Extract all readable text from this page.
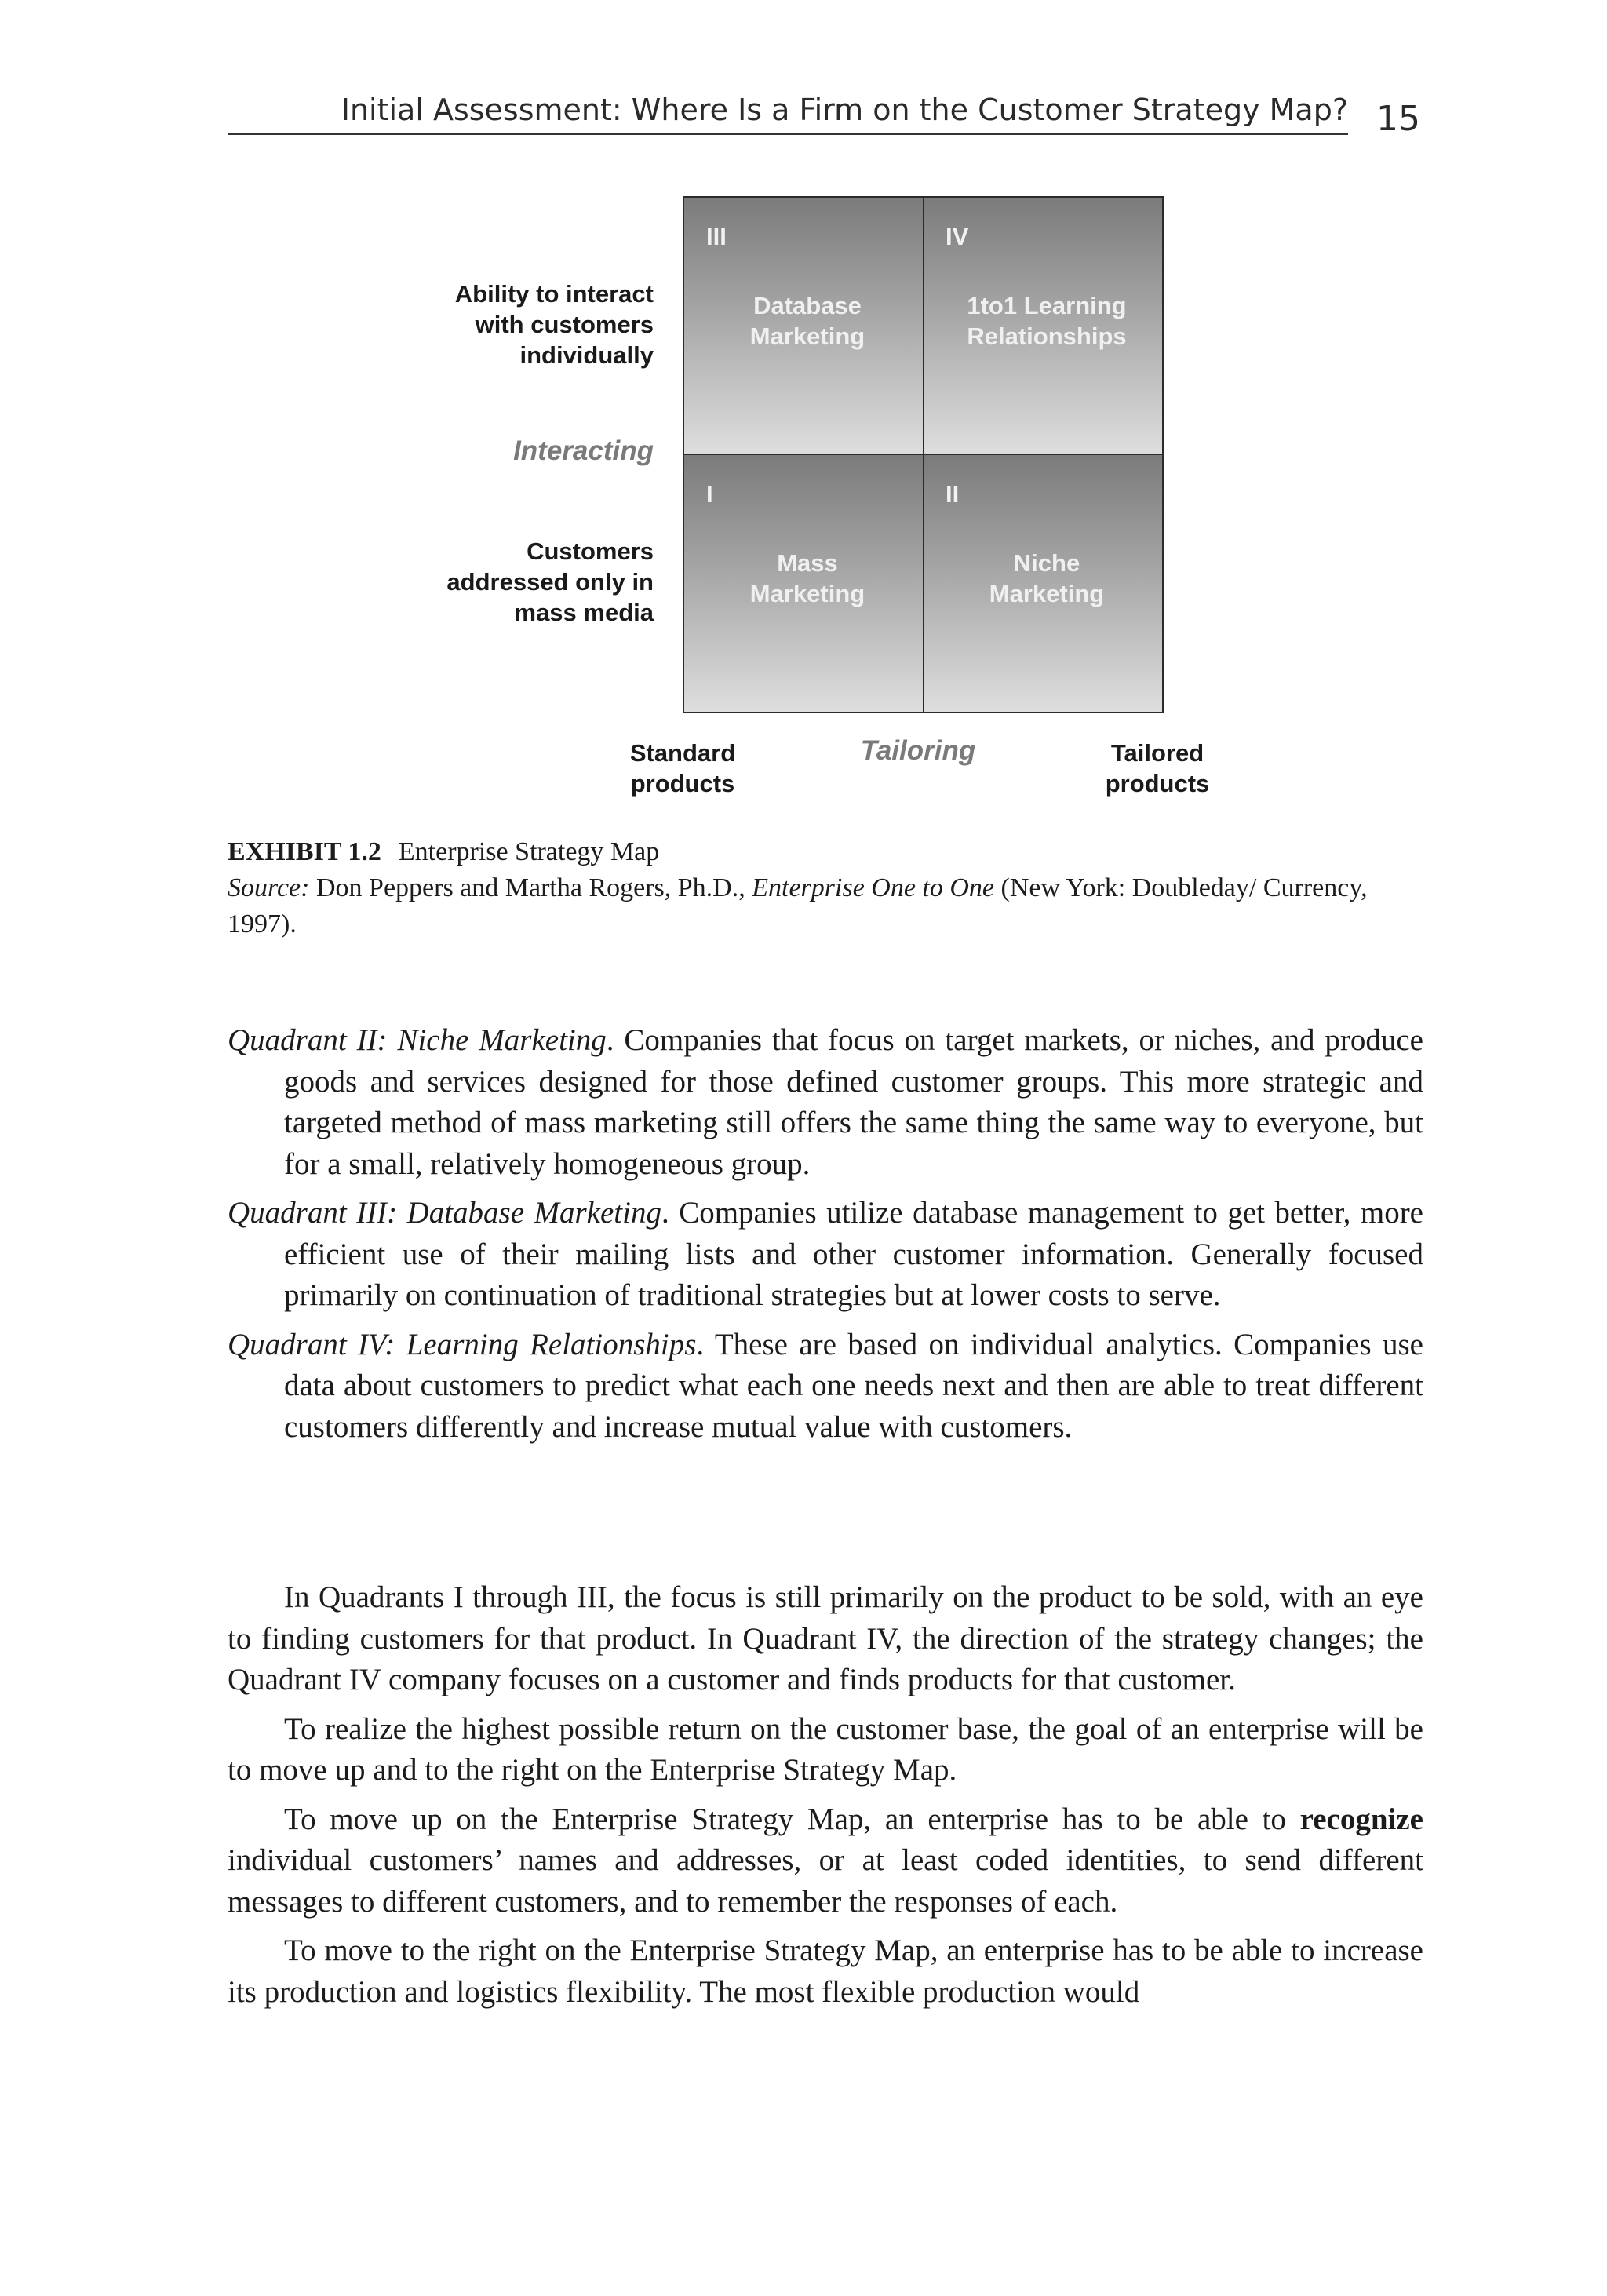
Initial Assessment: Where Is a Firm on the Customer Strategy Map? 15
III
Database
Marketing
IV
1to1 Learning
Relationships
I
Mass
Marketing
II
Niche
Marketing
Ability to interact
with customers
individually
Interacting
Customers
addressed only in
mass media
Standard
products
Tailoring	Tailored
products
EXHIBIT 1.2 Enterprise Strategy Map
Source: Don Peppers and Martha Rogers, Ph.D., Enterprise One to One (New York: Doubleday/ Currency, 1997).

Quadrant II: Niche Marketing. Companies that focus on target markets, or niches, and produce goods and services designed for those defined customer groups. This more strategic and targeted method of mass marketing still offers the same thing the same way to everyone, but for a small, relatively homogeneous group.

Quadrant III: Database Marketing. Companies utilize database management to get better, more efficient use of their mailing lists and other customer information. Generally focused primarily on continuation of traditional strategies but at lower costs to serve.

Quadrant IV: Learning Relationships. These are based on individual analytics. Companies use data about customers to predict what each one needs next and then are able to treat different customers differently and increase mutual value with customers.

In Quadrants I through III, the focus is still primarily on the product to be sold, with an eye to finding customers for that product. In Quadrant IV, the direction of the strategy changes; the Quadrant IV company focuses on a customer and finds products for that customer.

To realize the highest possible return on the customer base, the goal of an enterprise will be to move up and to the right on the Enterprise Strategy Map.

To move up on the Enterprise Strategy Map, an enterprise has to be able to recognize individual customers’ names and addresses, or at least coded identities, to send different messages to different customers, and to remember the responses of each.

To move to the right on the Enterprise Strategy Map, an enterprise has to be able to increase its production and logistics flexibility. The most flexible production would
